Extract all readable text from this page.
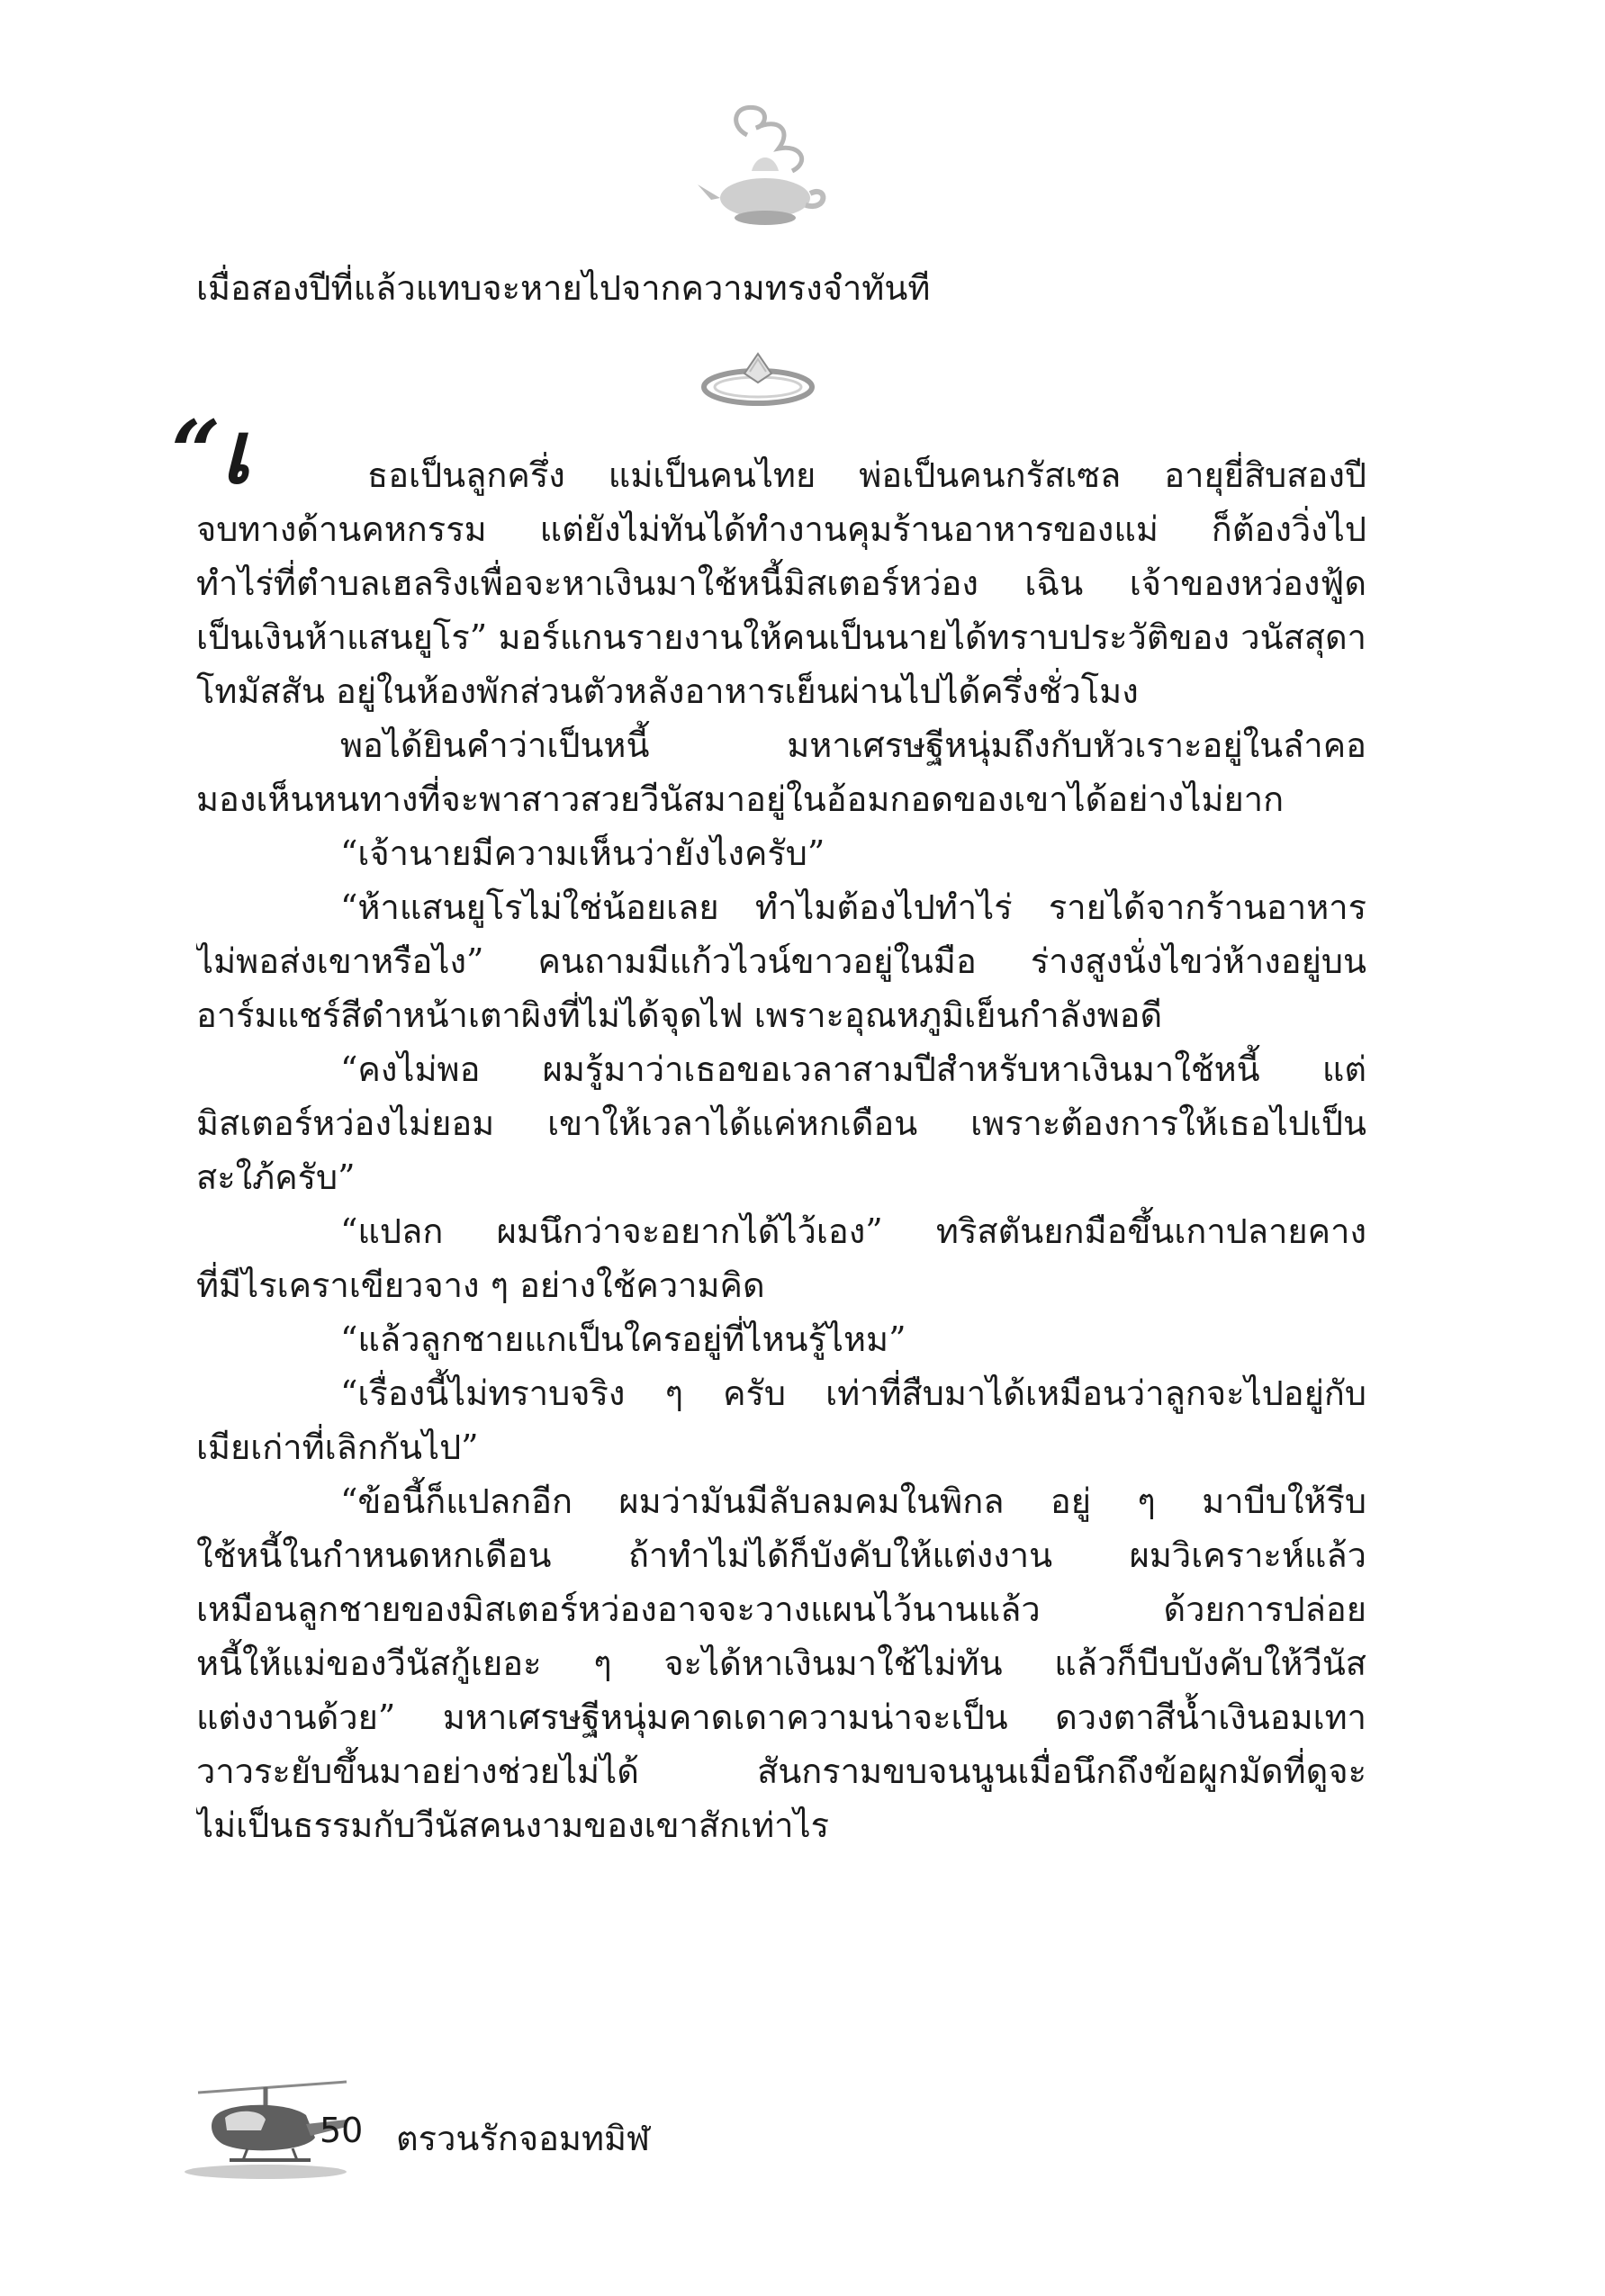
เมื่อสองปีที่แล้วแทบจะหายไปจากความทรงจำทันที
“เ	ธอเป็นลูกครึ่ง แม่เป็นคนไทย พ่อเป็นคนกรัสเซล อายุยี่สิบสองปี
จบทางด้านคหกรรม แต่ยังไม่ทันได้ทำงานคุมร้านอาหารของแม่ ก็ต้องวิ่งไป
ทำไร่ที่ตำบลเฮลริงเพื่อจะหาเงินมาใช้หนี้มิสเตอร์หว่อง เฉิน เจ้าของหว่องฟู้ด
เป็นเงินห้าแสนยูโร” มอร์แกนรายงานให้คนเป็นนายได้ทราบประวัติของ วนัสสุดา
โทมัสสัน อยู่ในห้องพักส่วนตัวหลังอาหารเย็นผ่านไปได้ครึ่งชั่วโมง
พอได้ยินคำว่าเป็นหนี้ มหาเศรษฐีหนุ่มถึงกับหัวเราะอยู่ในลำคอ
มองเห็นหนทางที่จะพาสาวสวยวีนัสมาอยู่ในอ้อมกอดของเขาได้อย่างไม่ยาก
“เจ้านายมีความเห็นว่ายังไงครับ”
“ห้าแสนยูโรไม่ใช่น้อยเลย ทำไมต้องไปทำไร่ รายได้จากร้านอาหาร
ไม่พอส่งเขาหรือไง” คนถามมีแก้วไวน์ขาวอยู่ในมือ ร่างสูงนั่งไขว่ห้างอยู่บน
อาร์มแชร์สีดำหน้าเตาผิงที่ไม่ได้จุดไฟ เพราะอุณหภูมิเย็นกำลังพอดี
“คงไม่พอ ผมรู้มาว่าเธอขอเวลาสามปีสำหรับหาเงินมาใช้หนี้ แต่
มิสเตอร์หว่องไม่ยอม เขาให้เวลาได้แค่หกเดือน เพราะต้องการให้เธอไปเป็น
สะใภ้ครับ”
“แปลก ผมนึกว่าจะอยากได้ไว้เอง” ทริสตันยกมือขึ้นเกาปลายคาง
ที่มีไรเคราเขียวจาง ๆ อย่างใช้ความคิด
“แล้วลูกชายแกเป็นใครอยู่ที่ไหนรู้ไหม”
“เรื่องนี้ไม่ทราบจริง ๆ ครับ เท่าที่สืบมาได้เหมือนว่าลูกจะไปอยู่กับ
เมียเก่าที่เลิกกันไป”
“ข้อนี้ก็แปลกอีก ผมว่ามันมีลับลมคมในพิกล อยู่ ๆ มาบีบให้รีบ
ใช้หนี้ในกำหนดหกเดือน ถ้าทำไม่ได้ก็บังคับให้แต่งงาน ผมวิเคราะห์แล้ว
เหมือนลูกชายของมิสเตอร์หว่องอาจจะวางแผนไว้นานแล้ว ด้วยการปล่อย
หนี้ให้แม่ของวีนัสกู้เยอะ ๆ จะได้หาเงินมาใช้ไม่ทัน แล้วก็บีบบังคับให้วีนัส
แต่งงานด้วย” มหาเศรษฐีหนุ่มคาดเดาความน่าจะเป็น ดวงตาสีน้ำเงินอมเทา
วาวระยับขึ้นมาอย่างช่วยไม่ได้ สันกรามขบจนนูนเมื่อนึกถึงข้อผูกมัดที่ดูจะ
ไม่เป็นธรรมกับวีนัสคนงามของเขาสักเท่าไร
50 ตรวนรักจอมทมิฬ
